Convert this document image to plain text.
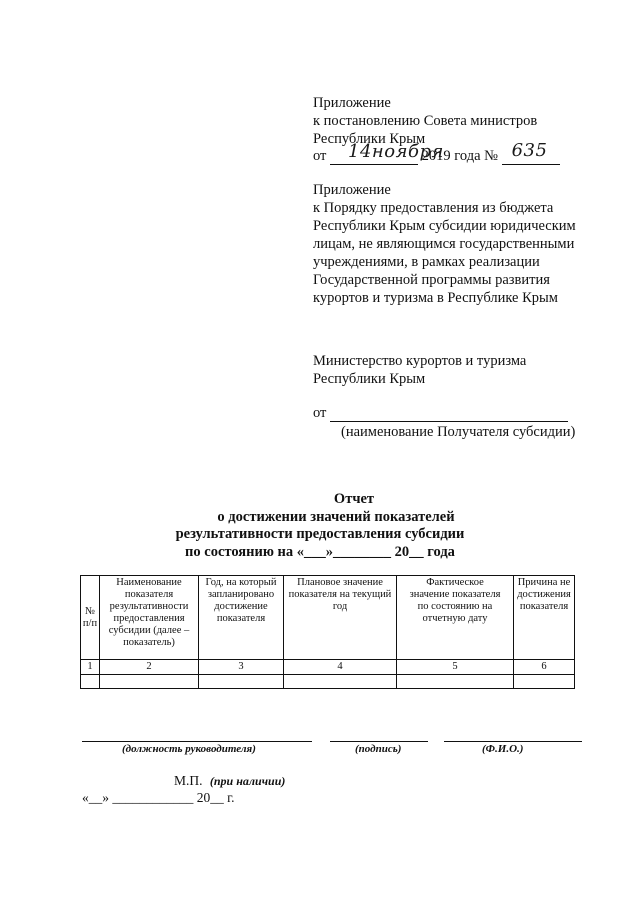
Приложение
к постановлению Совета министров
Республики Крым
от 14ноября
2019 года № 635
Приложение
к Порядку предоставления из бюджета
Республики Крым субсидии юридическим
лицам, не являющимся государственными
учреждениями, в рамках реализации
Государственной программы развития
курортов и туризма в Республике Крым
Министерство курортов и туризма
Республики Крым
от
(наименование Получателя субсидии)
Отчет
о достижении значений показателей
результативности предоставления субсидии
по состоянию на «___»________ 20__ года
№ п/п	Наименование показателя результативности предоставления субсидии (далее – показатель)	Год, на который запланировано достижение показателя	Плановое значение показателя на текущий год	Фактическое значение показателя по состоянию на отчетную дату	Причина не достижения показателя
1	2	3	4	5	6

(должность руководителя)	(подпись)	(Ф.И.О.)
М.П. (при наличии)
«__» ____________ 20__ г.
